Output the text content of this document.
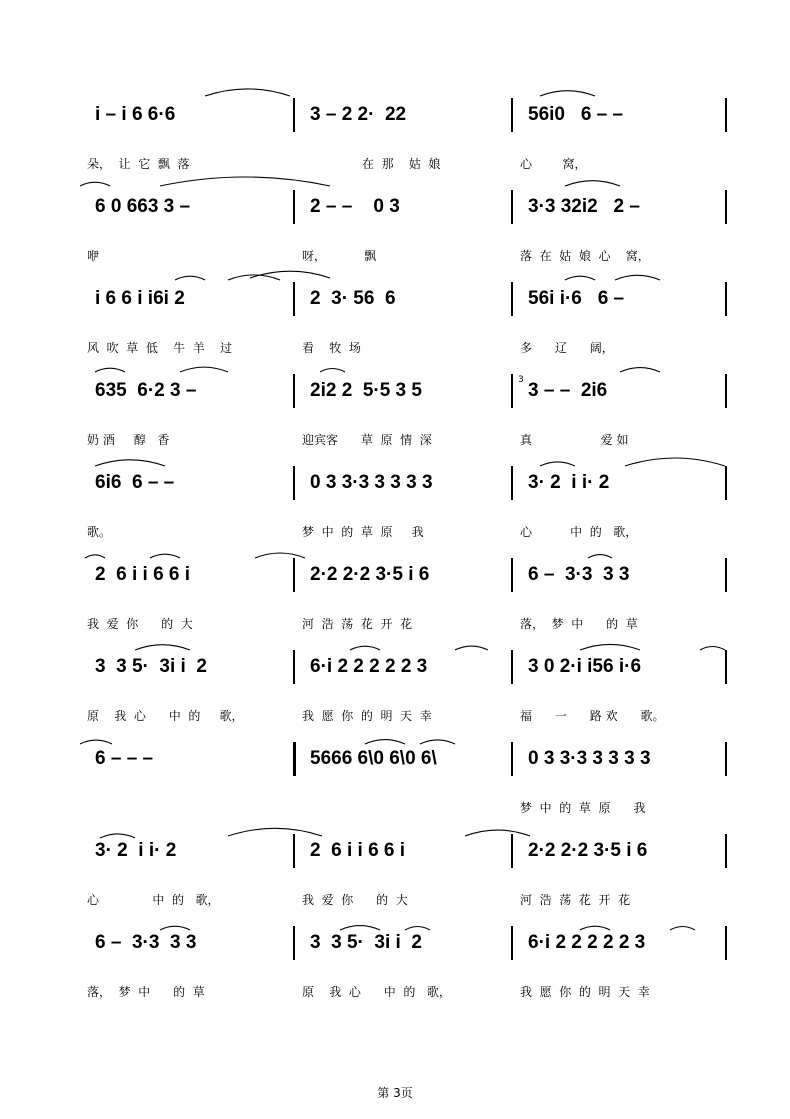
i – i 6 6·6	3 – 2 2·  22	56i0   6 – –
朵，  让  它  飘  落	在  那    姑  娘	心        窝，
6 0 663 3 –	2 – –    0 3	3·3 32i2   2 –
咿	呀，          飘	落  在  姑  娘  心    窝，
i 6 6 i i6i 2	2  3· 56  6	56i i·6   6 –
风  吹  草  低    牛  羊    过	看    牧  场	多      辽      阔，
635  6·2 3 –	2i2 2  5·5 3 5	3 – –  2i6
奶 酒     醇   香	迎宾客      草  原  情  深	真                  爱 如
6i6  6 – –	0 3 3·3 3 3 3 3	3· 2  i i· 2
歌。	梦  中  的  草  原     我	心          中  的   歌，
2  6 i i 6 6 i	2·2 2·2 3·5 i 6	6 –  3·3  3 3
我  爱  你      的  大	河  浩  荡  花  开  花	落，  梦  中      的  草
3  3 5·  3i i  2	6·i 2 2 2 2 2 3	3 0 2·i i56 i·6
原    我  心      中  的     歌，	我  愿  你  的  明  天  幸	福      一      路 欢      歌。
6 – – –	5666 6\0 6\0 6\	0 3 3·3 3 3 3 3
梦  中  的  草  原      我
3· 2  i i· 2	2  6 i i 6 6 i	2·2 2·2 3·5 i 6
心              中  的   歌，	我  爱  你      的  大	河  浩  荡  花  开  花
6 –  3·3  3 3	3  3 5·  3i i  2	6·i 2 2 2 2 2 3
落，  梦  中      的  草	原    我  心      中  的   歌，	我  愿  你  的  明  天  幸
3
第 3页
